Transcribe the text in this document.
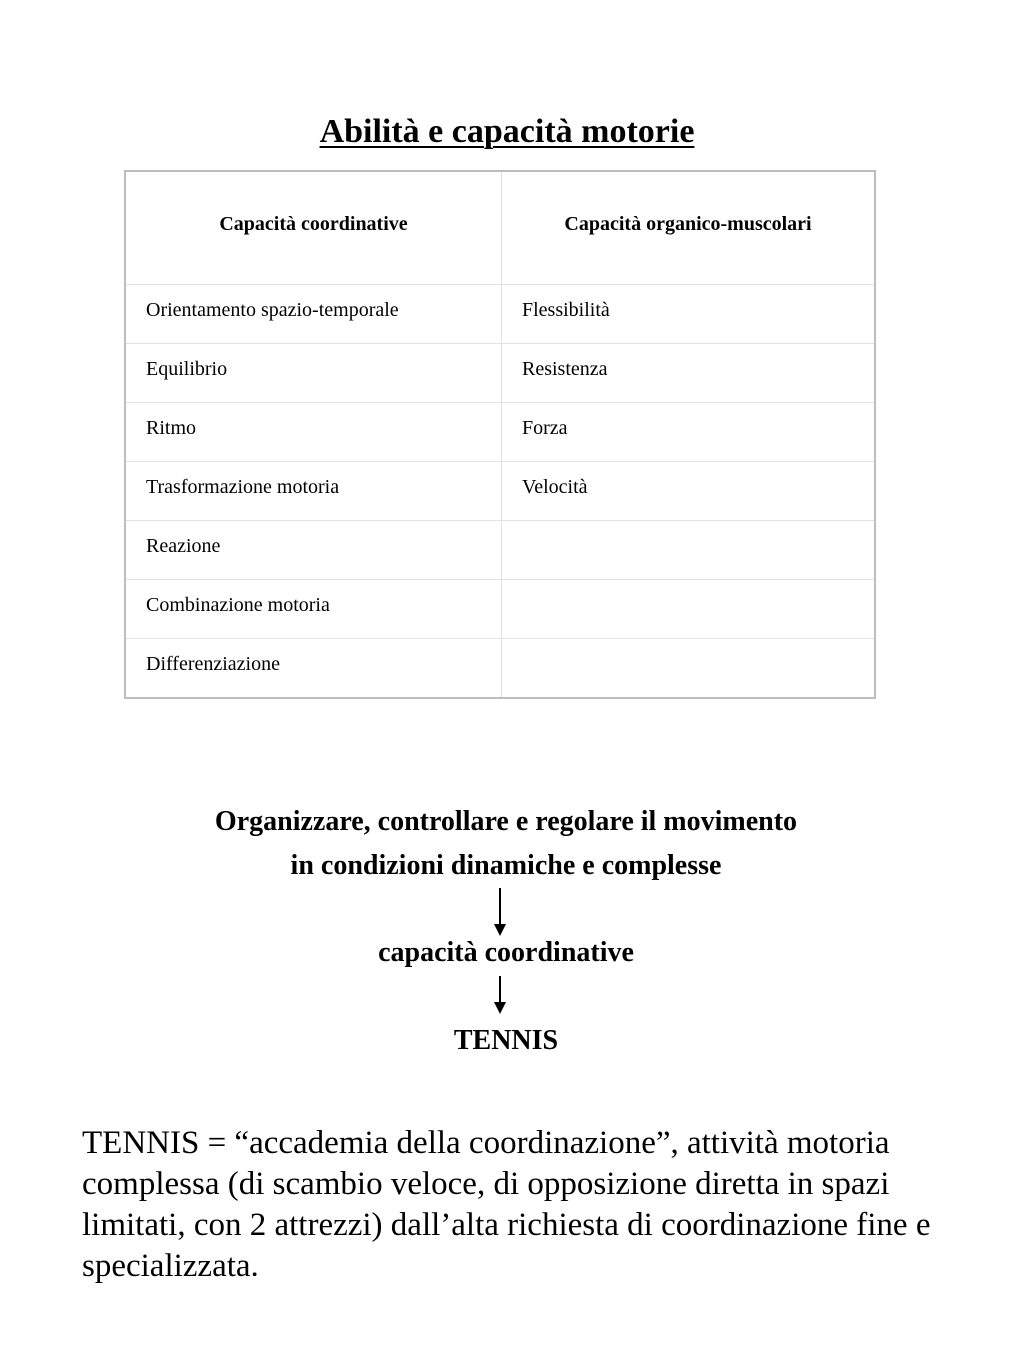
Abilità e capacità motorie
Capacità coordinative	Capacità organico-muscolari
Orientamento spazio-temporale	Flessibilità
Equilibrio	Resistenza
Ritmo	Forza
Trasformazione motoria	Velocità
Reazione	
Combinazione motoria	
Differenziazione	
Organizzare, controllare e regolare il movimento
in condizioni dinamiche e complesse
capacità coordinative
TENNIS

TENNIS = “accademia della coordinazione”, attività motoria complessa (di scambio veloce, di opposizione diretta in spazi limitati, con 2 attrezzi) dall’alta richiesta di coordinazione fine e specializzata.
